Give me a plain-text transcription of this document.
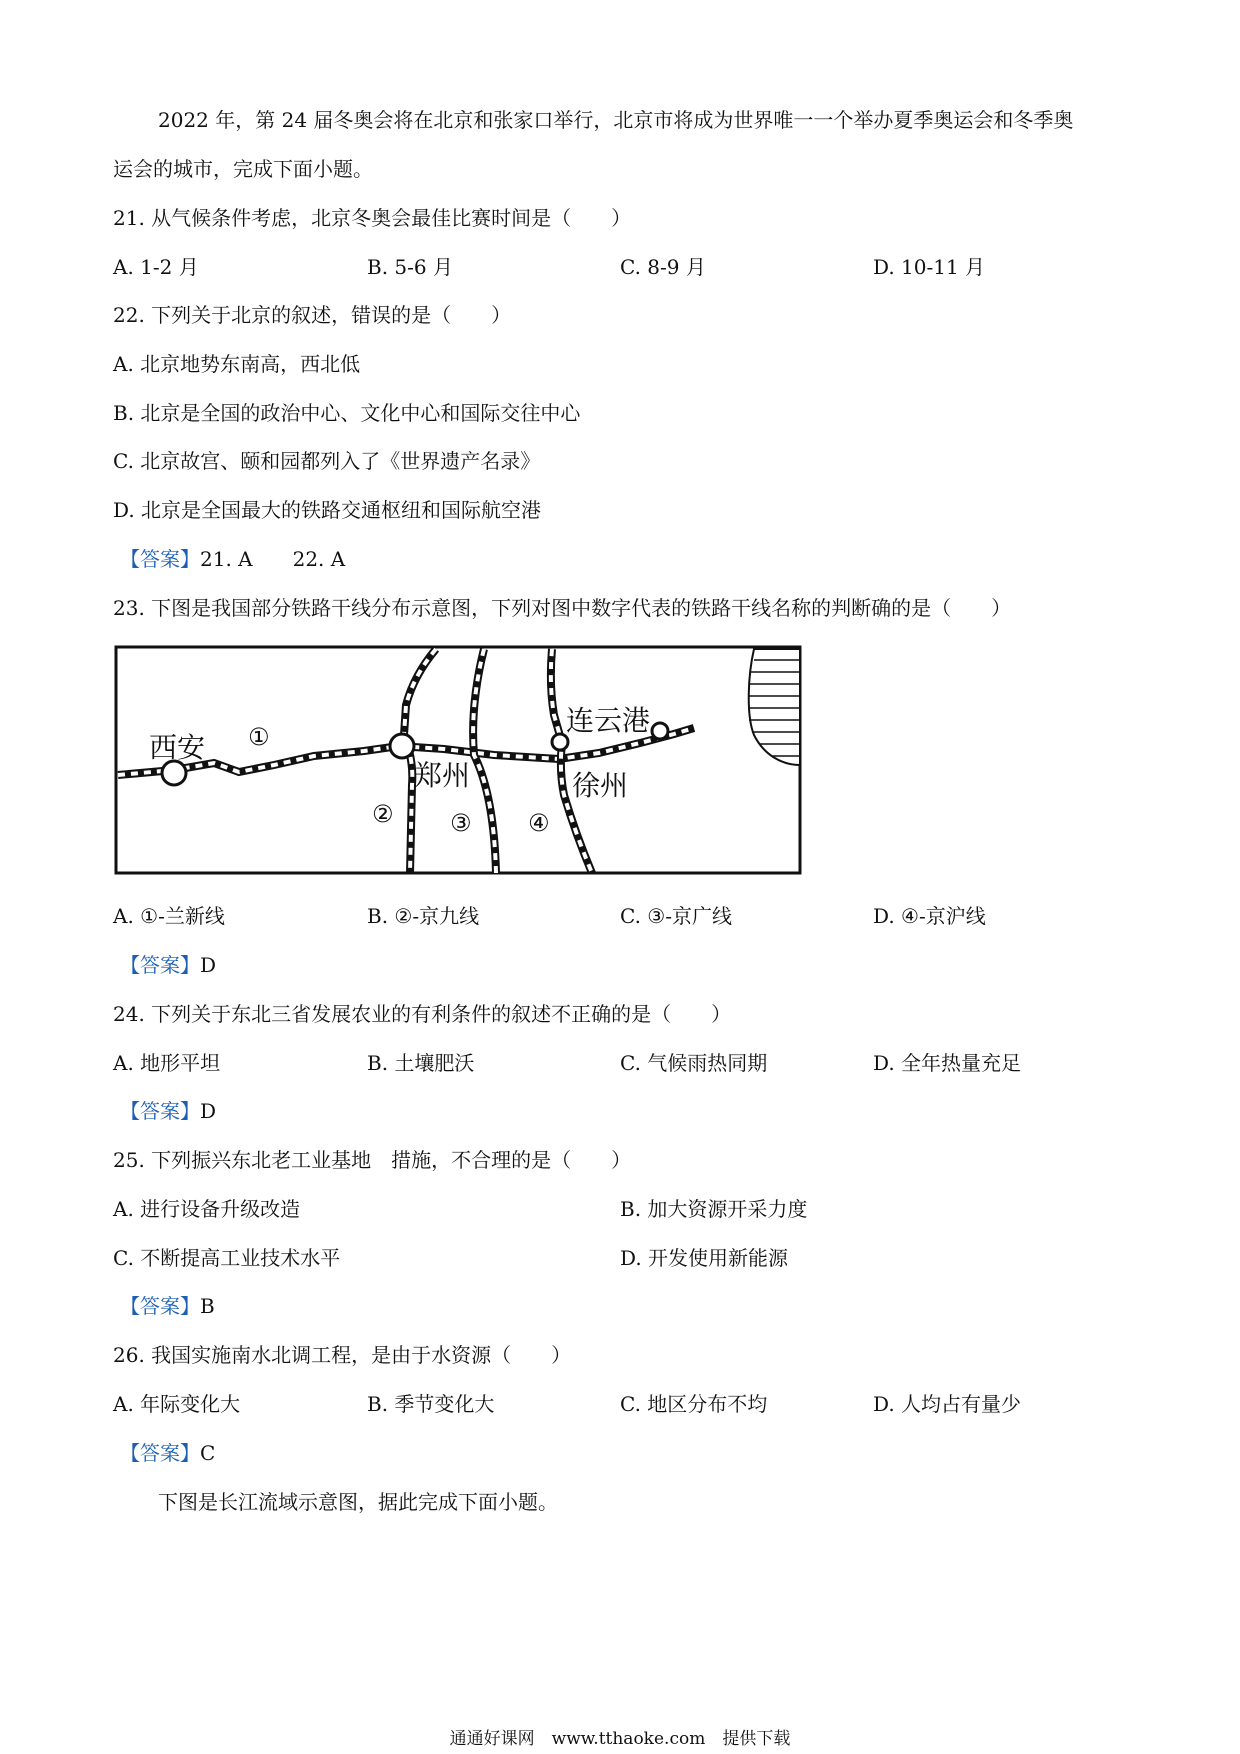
2022 年，第 24 届冬奥会将在北京和张家口举行，北京市将成为世界唯一一个举办夏季奥运会和冬季奥
运会的城市，完成下面小题。
21. 从气候条件考虑，北京冬奥会最佳比赛时间是（　　）
A. 1-2 月	B. 5-6 月	C. 8-9 月	D. 10-11 月
22. 下列关于北京的叙述，错误的是（　　）
A. 北京地势东南高，西北低
B. 北京是全国的政治中心、文化中心和国际交往中心
C. 北京故宫、颐和园都列入了《世界遗产名录》
D. 北京是全国最大的铁路交通枢纽和国际航空港
【答案】21. A　　22. A
23. 下图是我国部分铁路干线分布示意图，下列对图中数字代表的铁路干线名称的判断确的是（　　）
西安
郑州	徐州
连云港
①
② ③ ④
A. ①-兰新线	B. ②-京九线	C. ③-京广线	D. ④-京沪线
【答案】D
24. 下列关于东北三省发展农业的有利条件的叙述不正确的是（　　）
A. 地形平坦	B. 土壤肥沃	C. 气候雨热同期	D. 全年热量充足
【答案】D
25. 下列振兴东北老工业基地　措施，不合理的是（　　）
A. 进行设备升级改造	B. 加大资源开采力度
C. 不断提高工业技术水平	D. 开发使用新能源
【答案】B
26. 我国实施南水北调工程，是由于水资源（　　）
A. 年际变化大	B. 季节变化大	C. 地区分布不均	D. 人均占有量少
【答案】C
下图是长江流域示意图，据此完成下面小题。
通通好课网　www.tthaoke.com　提供下载
